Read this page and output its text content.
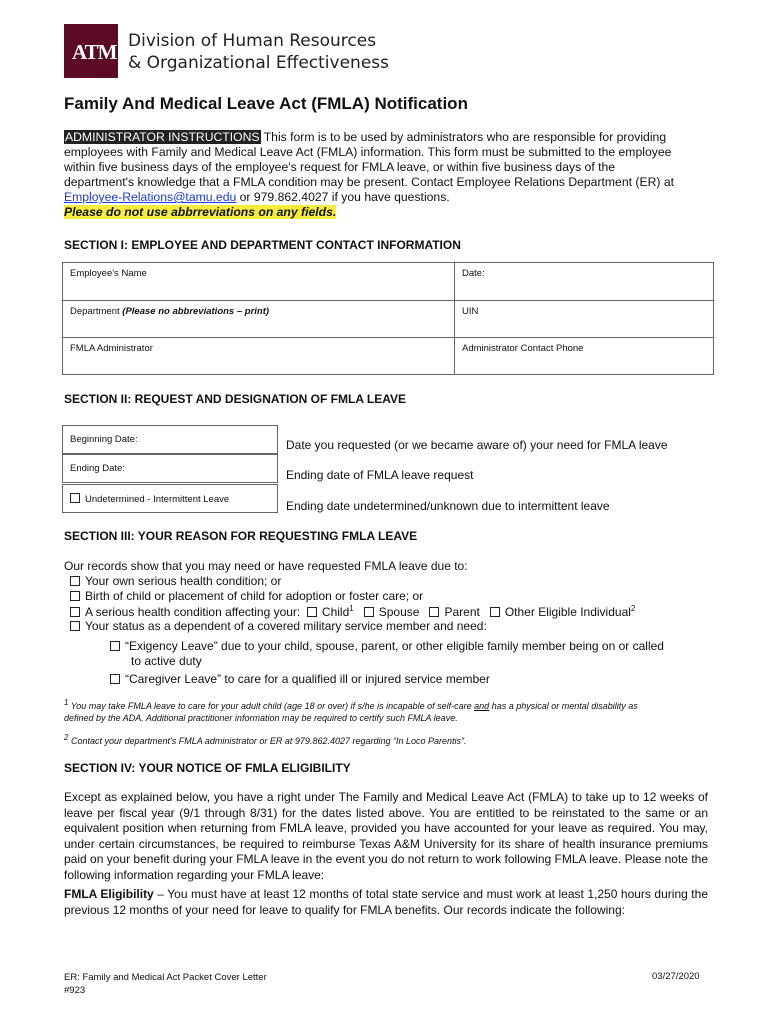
ATM Division of Human Resources
& Organizational Effectiveness
Family And Medical Leave Act (FMLA) Notification
ADMINISTRATOR INSTRUCTIONS This form is to be used by administrators who are responsible for providing
employees with Family and Medical Leave Act (FMLA) information. This form must be submitted to the employee
within five business days of the employee's request for FMLA leave, or within five business days of the
department's knowledge that a FMLA condition may be present. Contact Employee Relations Department (ER) at
Employee-Relations@tamu.edu or 979.862.4027 if you have questions.
Please do not use abbrreviations on any fields.
SECTION I: EMPLOYEE AND DEPARTMENT CONTACT INFORMATION
Employee's Name	Date:
Department (Please no abbreviations – print)	UIN
FMLA Administrator	Administrator Contact Phone
SECTION II: REQUEST AND DESIGNATION OF FMLA LEAVE
Beginning Date:	Date you requested (or we became aware of) your need for FMLA leave
Ending Date:	Ending date of FMLA leave request
Undetermined - Intermittent Leave	Ending date undetermined/unknown due to intermittent leave
SECTION III: YOUR REASON FOR REQUESTING FMLA LEAVE
Our records show that you may need or have requested FMLA leave due to:
Your own serious health condition; or
Birth of child or placement of child for adoption or foster care; or
A serious health condition affecting your: Child$^1$ Spouse Parent Other Eligible Individual$^2$
Your status as a dependent of a covered military service member and need:
“Exigency Leave” due to your child, spouse, parent, or other eligible family member being on or called
to active duty
“Caregiver Leave” to care for a qualified ill or injured service member
$^1$ You may take FMLA leave to care for your adult child (age 18 or over) if s/he is incapable of self-care and has a physical or mental disability as
defined by the ADA. Additional practitioner information may be required to certify such FMLA leave.
$^2$ Contact your department's FMLA administrator or ER at 979.862.4027 regarding “In Loco Parentis”.
SECTION IV: YOUR NOTICE OF FMLA ELIGIBILITY
Except as explained below, you have a right under The Family and Medical Leave Act (FMLA) to take up to 12 weeks of leave per fiscal year (9/1 through 8/31) for the dates listed above. You are entitled to be reinstated to the same or an equivalent position when returning from FMLA leave, provided you have accounted for your leave as required. You may, under certain circumstances, be required to reimburse Texas A&M University for its share of health insurance premiums paid on your benefit during your FMLA leave in the event you do not return to work following FMLA leave. Please note the following information regarding your FMLA leave:
FMLA Eligibility – You must have at least 12 months of total state service and must work at least 1,250 hours during the previous 12 months of your need for leave to qualify for FMLA benefits. Our records indicate the following:
ER: Family and Medical Act Packet Cover Letter
#923
03/27/2020
